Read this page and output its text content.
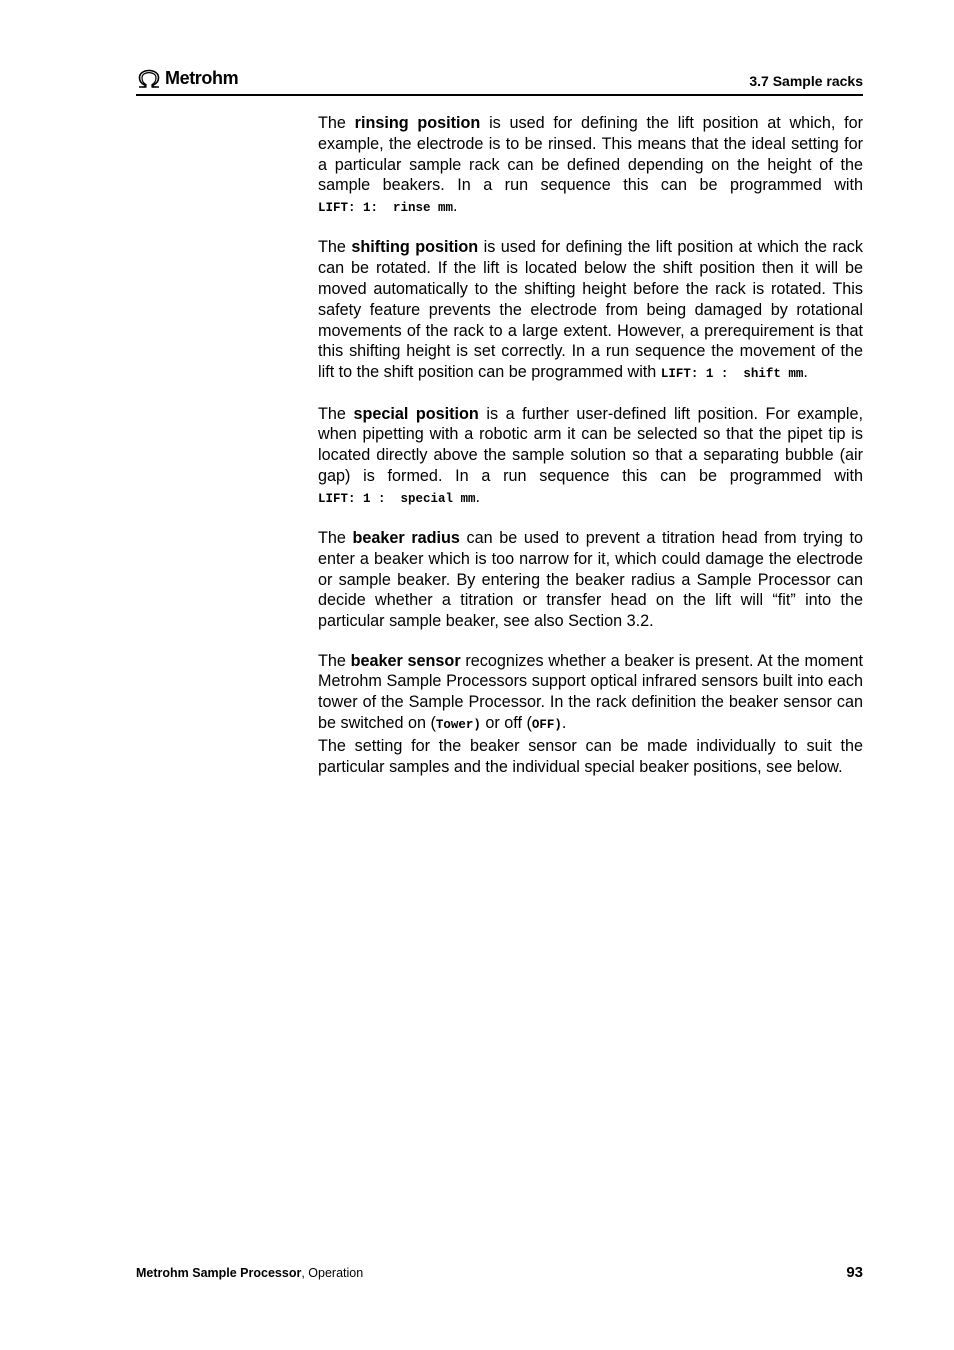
Metrohm	3.7 Sample racks

The rinsing position is used for defining the lift position at which, for example, the electrode is to be rinsed. This means that the ideal setting for a particular sample rack can be defined depending on the height of the sample beakers. In a run sequence this can be programmed with LIFT: 1:  rinse mm.

The shifting position is used for defining the lift position at which the rack can be rotated. If the lift is located below the shift position then it will be moved automatically to the shifting height before the rack is rotated. This safety feature prevents the electrode from being damaged by rotational movements of the rack to a large extent. However, a prerequirement is that this shifting height is set correctly. In a run sequence the movement of the lift to the shift position can be programmed with LIFT: 1 :  shift mm.

The special position is a further user-defined lift position. For example, when pipetting with a robotic arm it can be selected so that the pipet tip is located directly above the sample solution so that a separating bubble (air gap) is formed. In a run sequence this can be programmed with LIFT: 1 :  special mm.

The beaker radius can be used to prevent a titration head from trying to enter a beaker which is too narrow for it, which could damage the electrode or sample beaker. By entering the beaker radius a Sample Processor can decide whether a titration or transfer head on the lift will “fit” into the particular sample beaker, see also Section 3.2.

The beaker sensor recognizes whether a beaker is present. At the moment Metrohm Sample Processors support optical infrared sensors built into each tower of the Sample Processor. In the rack definition the beaker sensor can be switched on (Tower) or off (OFF).

The setting for the beaker sensor can be made individually to suit the particular samples and the individual special beaker positions, see below.

Metrohm Sample Processor, Operation	93
